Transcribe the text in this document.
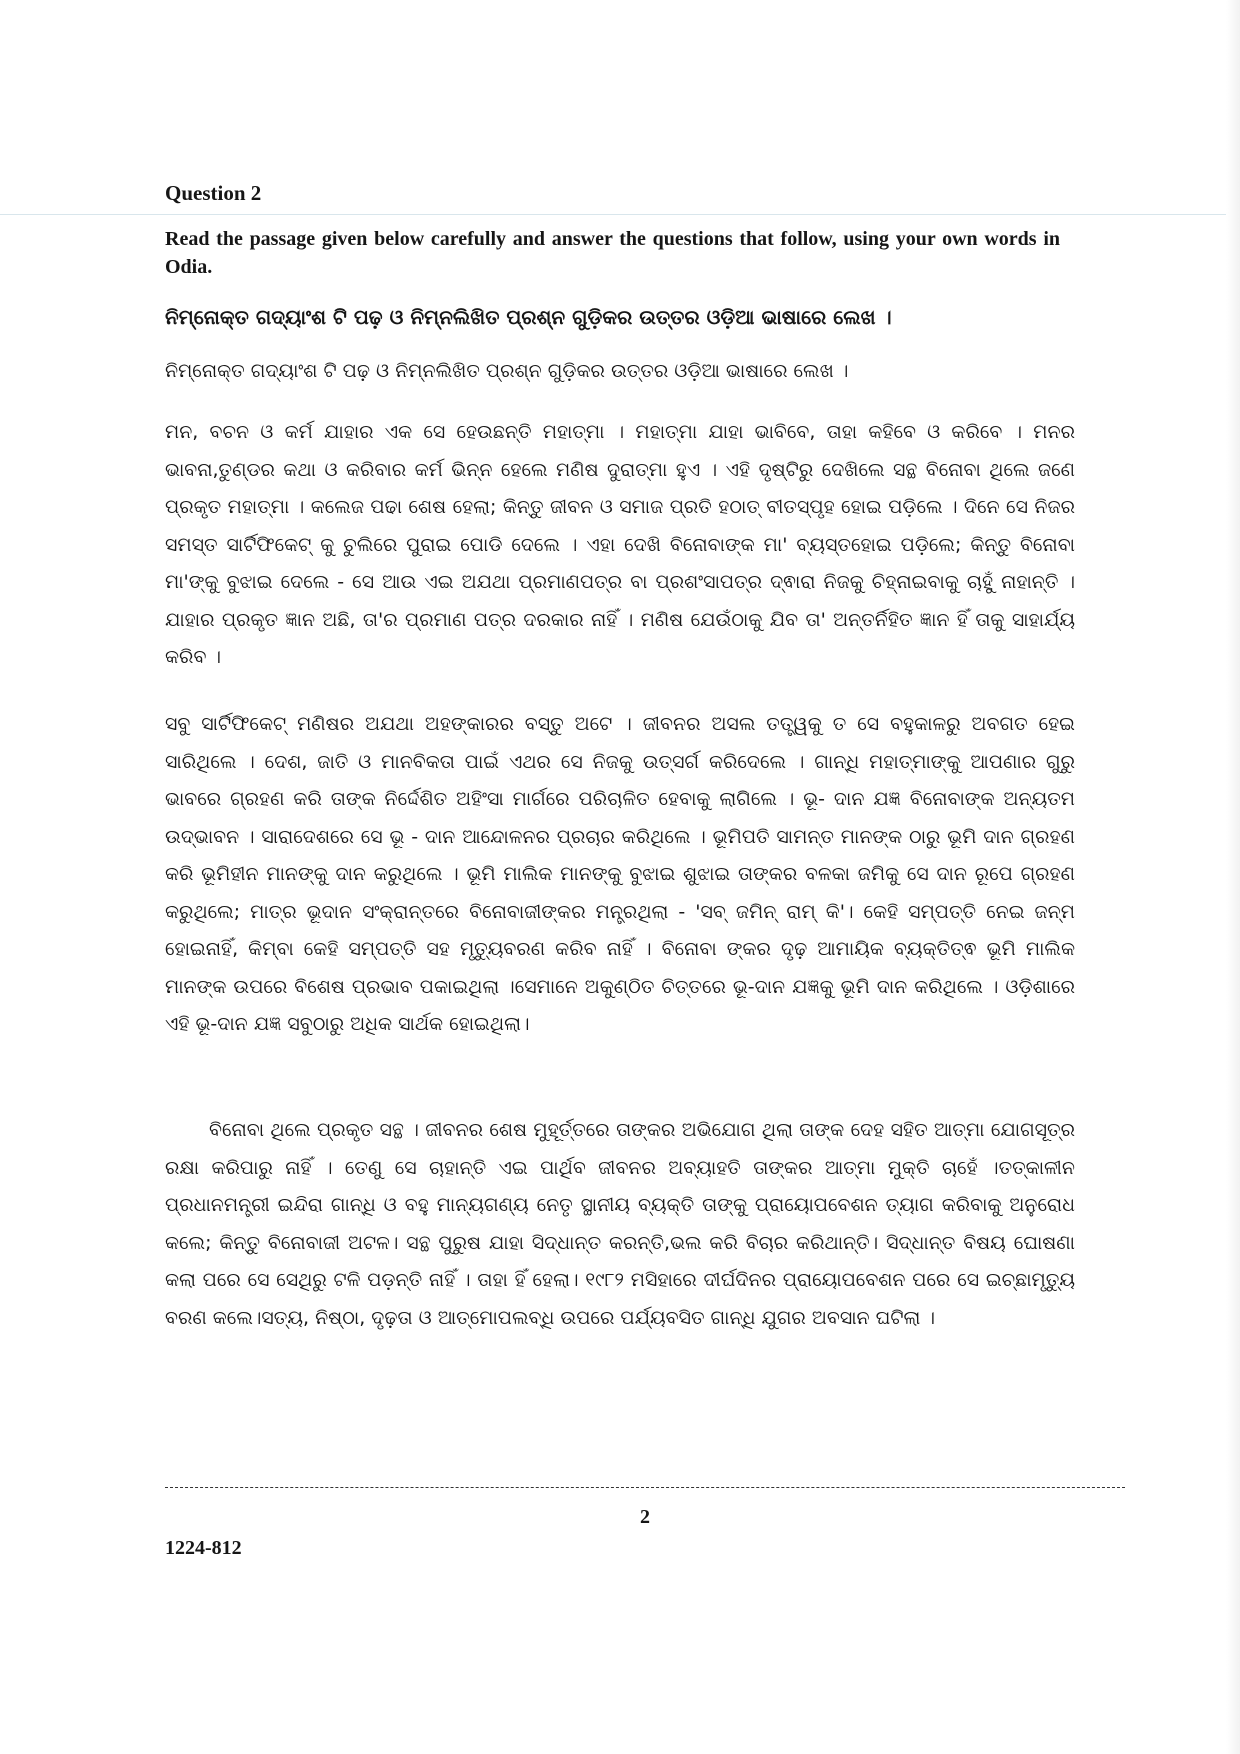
Question 2
Read the passage given below carefully and answer the questions that follow, using your own words in Odia.
ନିମ୍ନୋକ୍ତ ଗଦ୍ୟାଂଶ ଟି ପଢ଼ ଓ ନିମ୍ନଲିଖିତ ପ୍ରଶ୍ନ ଗୁଡ଼ିକର ଉତ୍ତର ଓଡ଼ିଆ ଭାଷାରେ ଲେଖ ।
ନିମ୍ନୋକ୍ତ ଗଦ୍ୟାଂଶ ଟି ପଢ଼ ଓ ନିମ୍ନଲିଖିତ ପ୍ରଶ୍ନ ଗୁଡ଼ିକର ଉତ୍ତର ଓଡ଼ିଆ ଭାଷାରେ ଲେଖ ।

ମନ, ବଚନ ଓ କର୍ମ ଯାହାର ଏକ ସେ ହେଉଛନ୍ତି ମହାତ୍ମା । ମହାତ୍ମା ଯାହା ଭାବିବେ, ତାହା କହିବେ ଓ କରିବେ । ମନର ଭାବନା,ତୁଣ୍ଡର କଥା ଓ କରିବାର କର୍ମ ଭିନ୍ନ ହେଲେ ମଣିଷ ଦୁରାତ୍ମା ହୁଏ । ଏହି ଦୃଷ୍ଟିରୁ ଦେଖିଲେ ସନ୍ଥ ବିନୋବା ଥିଲେ ଜଣେ ପ୍ରକୃତ ମହାତ୍ମା । କଲେଜ ପଢା ଶେଷ ହେଲା; କିନ୍ତୁ ଜୀବନ ଓ ସମାଜ ପ୍ରତି ହଠାତ୍ ବୀତସ୍ପୃହ ହୋଇ ପଡ଼ିଲେ । ଦିନେ ସେ ନିଜର ସମସ୍ତ ସାର୍ଟିଫିକେଟ୍ କୁ ଚୁଲିରେ ପୁରାଇ ପୋଡି ଦେଲେ । ଏହା ଦେଖି ବିନୋବାଙ୍କ ମା' ବ୍ୟସ୍ତହୋଇ ପଡ଼ିଲେ; କିନ୍ତୁ ବିନୋବା ମା'ଙ୍କୁ ବୁଝାଇ ଦେଲେ - ସେ ଆଉ ଏଇ ଅଯଥା ପ୍ରମାଣପତ୍ର ବା ପ୍ରଶଂସାପତ୍ର ଦ୍ଵାରା ନିଜକୁ ଚିହ୍ନାଇବାକୁ ଚାହୁଁ ନାହାନ୍ତି । ଯାହାର ପ୍ରକୃତ ଜ୍ଞାନ ଅଛି, ତା'ର ପ୍ରମାଣ ପତ୍ର ଦରକାର ନାହିଁ । ମଣିଷ ଯେଉଁଠାକୁ ଯିବ ତା' ଅନ୍ତର୍ନିହିତ ଜ୍ଞାନ ହିଁ ତାକୁ ସାହାର୍ଯ୍ୟ କରିବ ।

ସବୁ ସାର୍ଟିଫିକେଟ୍ ମଣିଷର ଅଯଥା ଅହଙ୍କାରର ବସ୍ତୁ ଅଟେ । ଜୀବନର ଅସଲ ତତ୍ତ୍ୱକୁ ତ ସେ ବହୁକାଳରୁ ଅବଗତ ହେଇ ସାରିଥିଲେ । ଦେଶ, ଜାତି ଓ ମାନବିକତା ପାଇଁ ଏଥର ସେ ନିଜକୁ ଉତ୍ସର୍ଗ କରିଦେଲେ । ଗାନ୍ଧି ମହାତ୍ମାଙ୍କୁ ଆପଣାର ଗୁରୁ ଭାବରେ ଗ୍ରହଣ କରି ତାଙ୍କ ନିର୍ଦ୍ଦେଶିତ ଅହିଂସା ମାର୍ଗରେ ପରିଚାଳିତ ହେବାକୁ ଲାଗିଲେ । ଭୂ- ଦାନ ଯଜ୍ଞ ବିନୋବାଙ୍କ ଅନ୍ୟତମ ଉଦ୍ଭାବନ । ସାରାଦେଶରେ ସେ ଭୂ - ଦାନ ଆନ୍ଦୋଳନର ପ୍ରଚାର କରିଥିଲେ । ଭୂମିପତି ସାମନ୍ତ ମାନଙ୍କ ଠାରୁ ଭୂମି ଦାନ ଗ୍ରହଣ କରି ଭୂମିହୀନ ମାନଙ୍କୁ ଦାନ କରୁଥିଲେ । ଭୂମି ମାଲିକ ମାନଙ୍କୁ ବୁଝାଇ ଶୁଝାଇ ତାଙ୍କର ବଳକା ଜମିକୁ ସେ ଦାନ ରୂପେ ଗ୍ରହଣ କରୁଥିଲେ; ମାତ୍ର ଭୂଦାନ ସଂକ୍ରାନ୍ତରେ ବିନୋବାଜୀଙ୍କର ମନ୍ତ୍ରଥିଲା - 'ସବ୍ ଜମିନ୍ ରାମ୍ କି'। କେହି ସମ୍ପତ୍ତି ନେଇ ଜନ୍ମ ହୋଇନାହିଁ, କିମ୍ବା କେହି ସମ୍ପତ୍ତି ସହ ମୃତ୍ୟୁବରଣ କରିବ ନାହିଁ । ବିନୋବା ଙ୍କର ଦୃଢ଼ ଆମାୟିକ ବ୍ୟକ୍ତିତ୍ଵ ଭୂମି ମାଲିକ ମାନଙ୍କ ଉପରେ ବିଶେଷ ପ୍ରଭାବ ପକାଇଥିଲା ।ସେମାନେ ଅକୁଣ୍ଠିତ ଚିତ୍ତରେ ଭୂ-ଦାନ ଯଜ୍ଞକୁ ଭୂମି ଦାନ କରିଥିଲେ । ଓଡ଼ିଶାରେ ଏହି ଭୂ-ଦାନ ଯଜ୍ଞ ସବୁଠାରୁ ଅଧିକ ସାର୍ଥକ ହୋଇଥିଲା।

ବିନୋବା ଥିଲେ ପ୍ରକୃତ ସନ୍ଥ । ଜୀବନର ଶେଷ ମୁହୂର୍ତ୍ତରେ ତାଙ୍କର ଅଭିଯୋଗ ଥିଲା ତାଙ୍କ ଦେହ ସହିତ ଆତ୍ମା ଯୋଗସୂତ୍ର ରକ୍ଷା କରିପାରୁ ନାହିଁ । ତେଣୁ ସେ ଚାହାନ୍ତି ଏଇ ପାର୍ଥିବ ଜୀବନର ଅବ୍ୟାହତି ତାଙ୍କର ଆତ୍ମା ମୁକ୍ତି ଚାହେଁ ।ତତ୍କାଳୀନ ପ୍ରଧାନମନ୍ତ୍ରୀ ଇନ୍ଦିରା ଗାନ୍ଧି ଓ ବହୁ ମାନ୍ୟଗଣ୍ୟ ନେତୃ ସ୍ଥାନୀୟ ବ୍ୟକ୍ତି ତାଙ୍କୁ ପ୍ରାୟୋପବେଶନ ତ୍ୟାଗ କରିବାକୁ ଅନୁରୋଧ କଲେ; କିନ୍ତୁ ବିନୋବାଜୀ ଅଟଳ। ସନ୍ଥ ପୁରୁଷ ଯାହା ସିଦ୍ଧାନ୍ତ କରନ୍ତି,ଭଲ କରି ବିଚାର କରିଥାନ୍ତି। ସିଦ୍ଧାନ୍ତ ବିଷୟ ଘୋଷଣା କଲା ପରେ ସେ ସେଥିରୁ ଟଳି ପଡ଼ନ୍ତି ନାହିଁ । ତାହା ହିଁ ହେଲା। ୧୯୮୨ ମସିହାରେ ଦୀର୍ଘଦିନର ପ୍ରାୟୋପବେଶନ ପରେ ସେ ଇଚ୍ଛାମୃତ୍ୟୁ ବରଣ କଲେ।ସତ୍ୟ, ନିଷ୍ଠା, ଦୃଢ଼ତା ଓ ଆତ୍ମୋପଲବ୍ଧି ଉପରେ ପର୍ଯ୍ୟବସିତ ଗାନ୍ଧି ଯୁଗର ଅବସାନ ଘଟିଲା ।

2
1224-812
